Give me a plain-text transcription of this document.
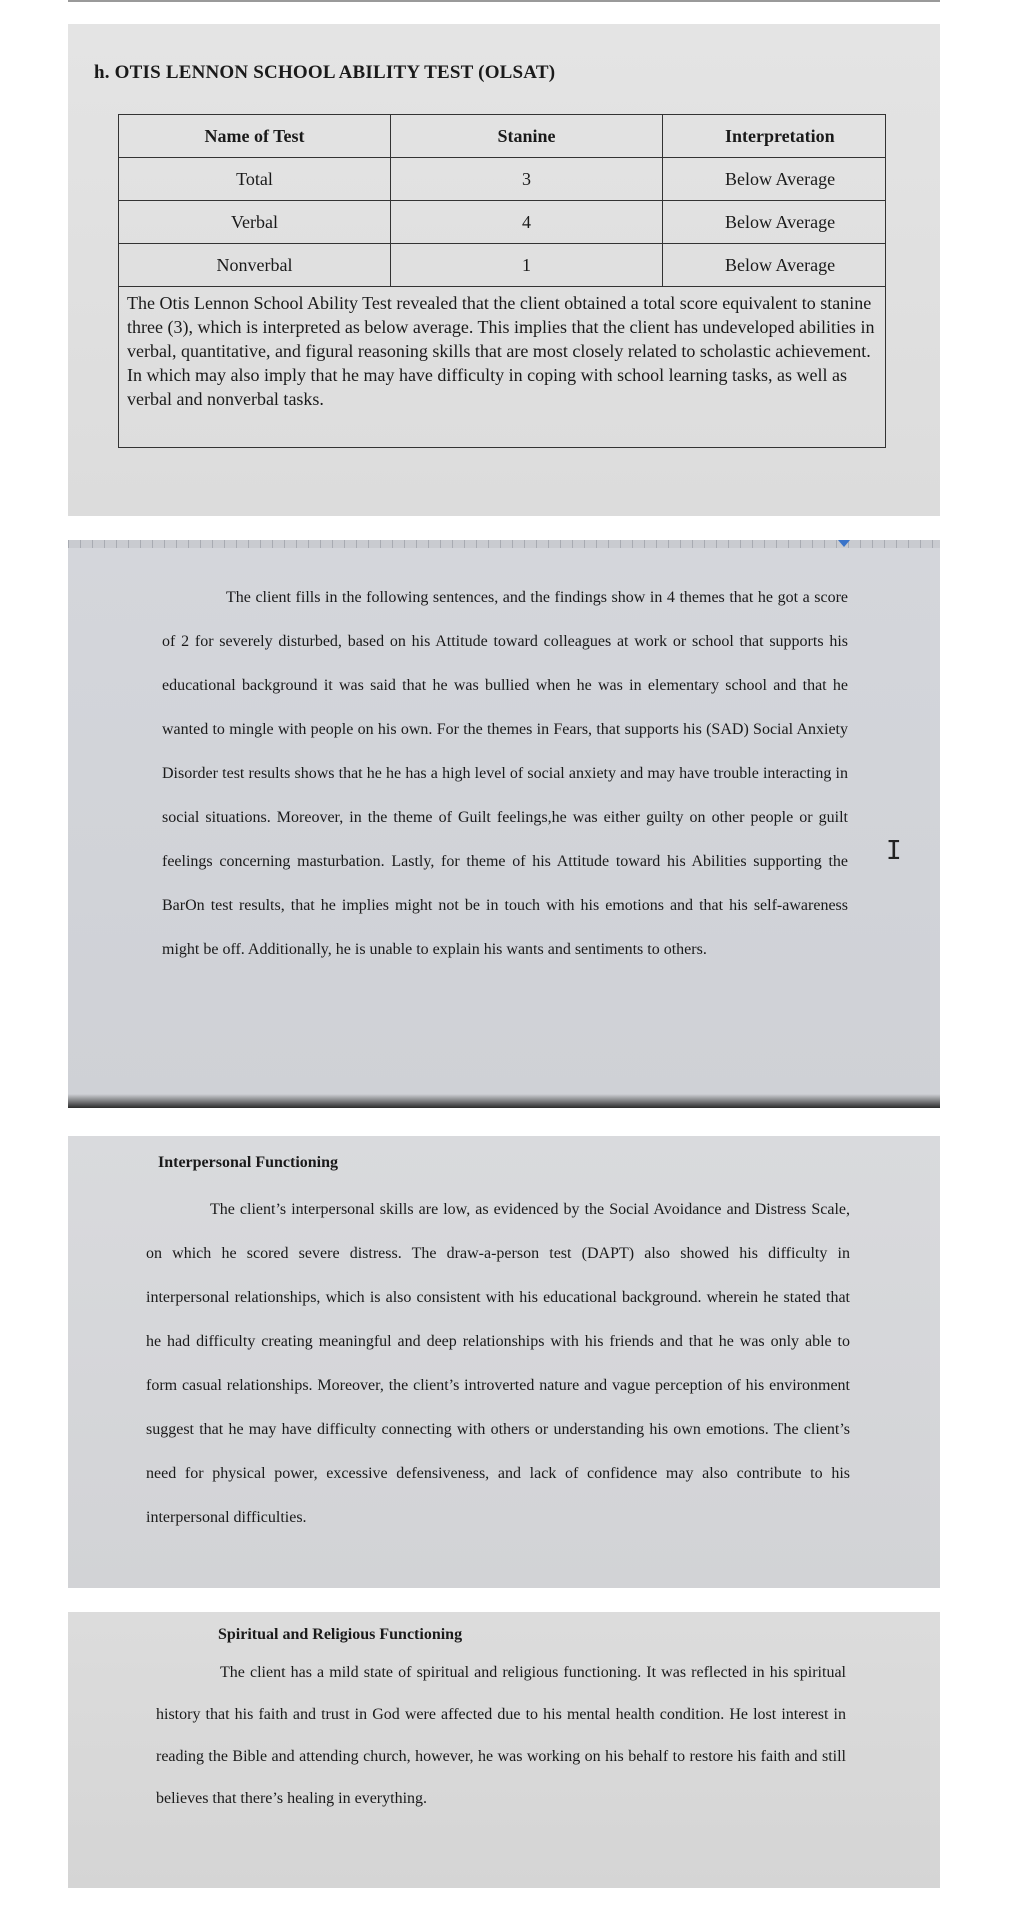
h. OTIS LENNON SCHOOL ABILITY TEST (OLSAT)
Name of Test	Stanine	Interpretation
Total	3	Below Average
Verbal	4	Below Average
Nonverbal	1	Below Average
The Otis Lennon School Ability Test revealed that the client obtained a total score equivalent to stanine three (3), which is interpreted as below average. This implies that the client has undeveloped abilities in verbal, quantitative, and figural reasoning skills that are most closely related to scholastic achievement. In which may also imply that he may have difficulty in coping with school learning tasks, as well as verbal and nonverbal tasks.		

The client fills in the following sentences, and the findings show in 4 themes that he got a score of 2 for severely disturbed, based on his Attitude toward colleagues at work or school that supports his educational background it was said that he was bullied when he was in elementary school and that he wanted to mingle with people on his own. For the themes in Fears, that supports his (SAD) Social Anxiety Disorder test results shows that he he has a high level of social anxiety and may have trouble interacting in social situations. Moreover, in the theme of Guilt feelings,he was either guilty on other people or guilt feelings concerning masturbation. Lastly, for theme of his Attitude toward his Abilities supporting the BarOn test results, that he implies might not be in touch with his emotions and that his self-awareness might be off. Additionally, he is unable to explain his wants and sentiments to others.

I
Interpersonal Functioning

The client’s interpersonal skills are low, as evidenced by the Social Avoidance and Distress Scale, on which he scored severe distress. The draw-a-person test (DAPT) also showed his difficulty in interpersonal relationships, which is also consistent with his educational background. wherein he stated that he had difficulty creating meaningful and deep relationships with his friends and that he was only able to form casual relationships. Moreover, the client’s introverted nature and vague perception of his environment suggest that he may have difficulty connecting with others or understanding his own emotions. The client’s need for physical power, excessive defensiveness, and lack of confidence may also contribute to his interpersonal difficulties.

Spiritual and Religious Functioning

The client has a mild state of spiritual and religious functioning. It was reflected in his spiritual history that his faith and trust in God were affected due to his mental health condition. He lost interest in reading the Bible and attending church, however, he was working on his behalf to restore his faith and still believes that there’s healing in everything.
